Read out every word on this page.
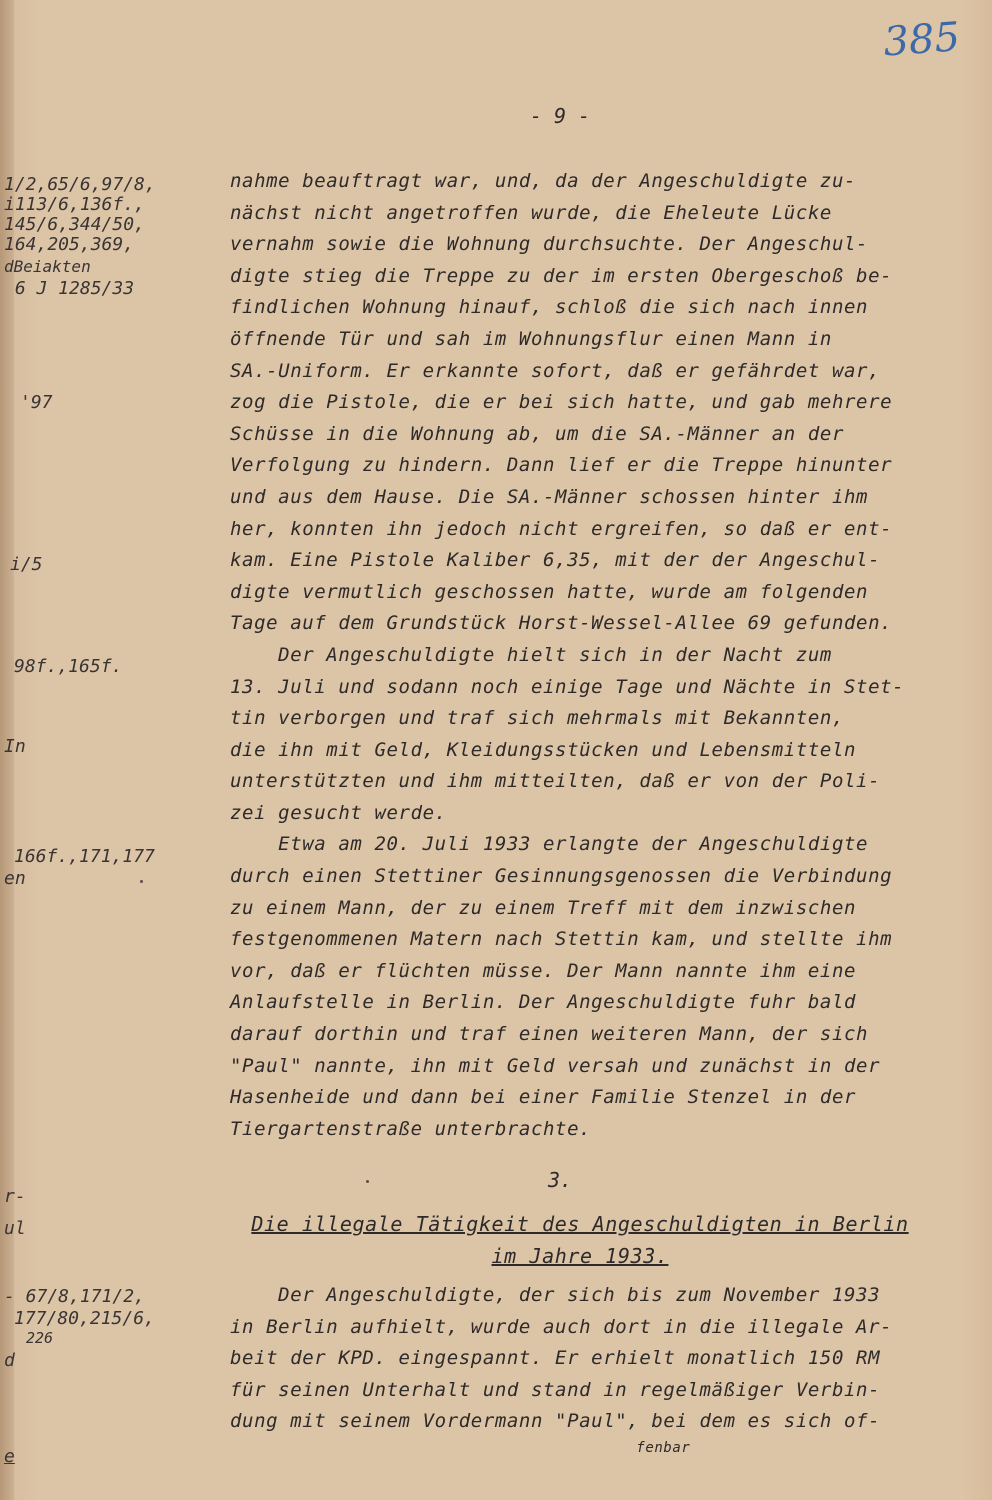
385
- 9 -
1/2,65/6,97/8,
i113/6,136f.,
145/6,344/50,
164,205,369,
dBeiakten
6 J 1285/33
'97
i/5
98f.,165f.
In
166f.,171,177
en
r-
ul
- 67/8,171/2,
177/80,215/6,
226
d
e
nahme beauftragt war, und, da der Angeschuldigte zu-
nächst nicht angetroffen wurde, die Eheleute Lücke
vernahm sowie die Wohnung durchsuchte. Der Angeschul-
digte stieg die Treppe zu der im ersten Obergeschoß be-
findlichen Wohnung hinauf, schloß die sich nach innen
öffnende Tür und sah im Wohnungsflur einen Mann in
SA.-Uniform. Er erkannte sofort, daß er gefährdet war,
zog die Pistole, die er bei sich hatte, und gab mehrere
Schüsse in die Wohnung ab, um die SA.-Männer an der
Verfolgung zu hindern. Dann lief er die Treppe hinunter
und aus dem Hause. Die SA.-Männer schossen hinter ihm
her, konnten ihn jedoch nicht ergreifen, so daß er ent-
kam. Eine Pistole Kaliber 6,35, mit der der Angeschul-
digte vermutlich geschossen hatte, wurde am folgenden
Tage auf dem Grundstück Horst-Wessel-Allee 69 gefunden.
Der Angeschuldigte hielt sich in der Nacht zum
13. Juli und sodann noch einige Tage und Nächte in Stet-
tin verborgen und traf sich mehrmals mit Bekannten,
die ihn mit Geld, Kleidungsstücken und Lebensmitteln
unterstützten und ihm mitteilten, daß er von der Poli-
zei gesucht werde.
Etwa am 20. Juli 1933 erlangte der Angeschuldigte
durch einen Stettiner Gesinnungsgenossen die Verbindung
zu einem Mann, der zu einem Treff mit dem inzwischen
festgenommenen Matern nach Stettin kam, und stellte ihm
vor, daß er flüchten müsse. Der Mann nannte ihm eine
Anlaufstelle in Berlin. Der Angeschuldigte fuhr bald
darauf dorthin und traf einen weiteren Mann, der sich
"Paul" nannte, ihn mit Geld versah und zunächst in der
Hasenheide und dann bei einer Familie Stenzel in der
Tiergartenstraße unterbrachte.
3.
Die illegale Tätigkeit des Angeschuldigten in Berlin
im Jahre 1933.
Der Angeschuldigte, der sich bis zum November 1933
in Berlin aufhielt, wurde auch dort in die illegale Ar-
beit der KPD. eingespannt. Er erhielt monatlich 150 RM
für seinen Unterhalt und stand in regelmäßiger Verbin-
dung mit seinem Vordermann "Paul", bei dem es sich of-
fenbar
